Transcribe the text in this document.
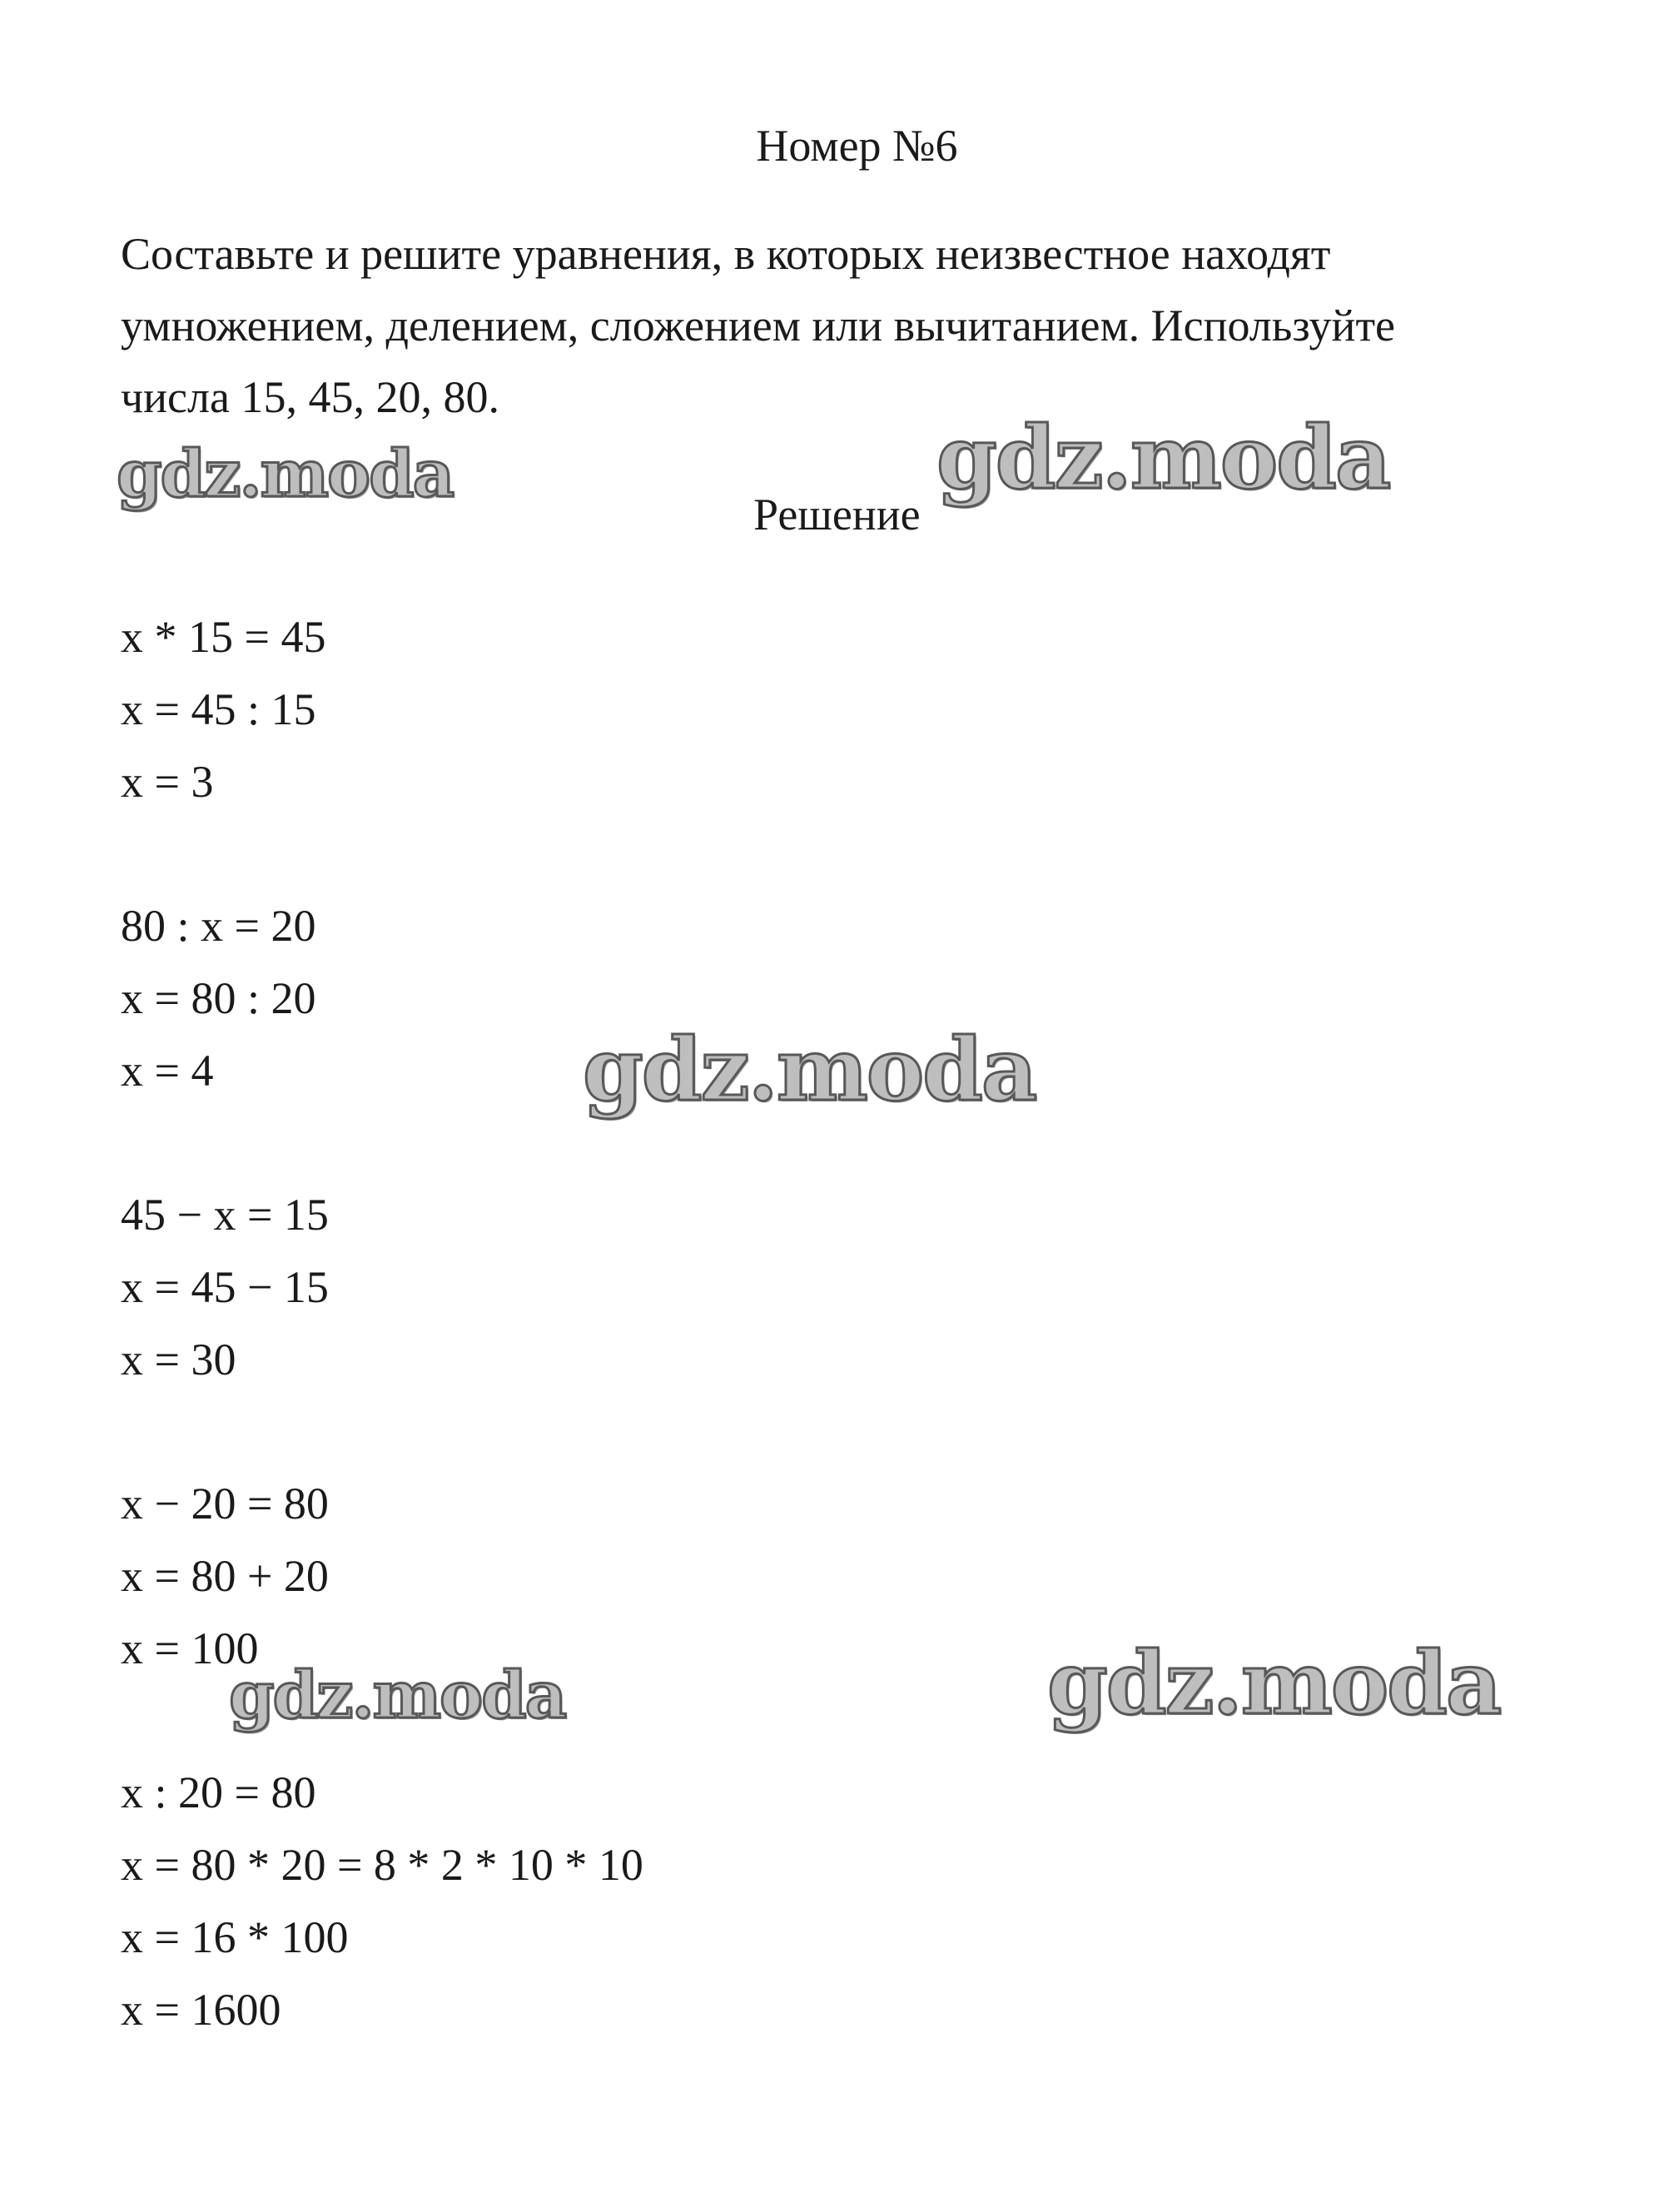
Номер №6
Составьте и решите уравнения, в которых неизвестное находят
умножением, делением, сложением или вычитанием. Используйте
числа 15, 45, 20, 80.
Решение
x * 15 = 45
x = 45 : 15
x = 3
80 : x = 20
x = 80 : 20
x = 4
45 − x = 15
x = 45 − 15
x = 30
x − 20 = 80
x = 80 + 20
x = 100
x : 20 = 80
x = 80 * 20 = 8 * 2 * 10 * 10
x = 16 * 100
x = 1600
gdz.moda	gdz.moda
gdz.moda
gdz.moda	gdz.moda
